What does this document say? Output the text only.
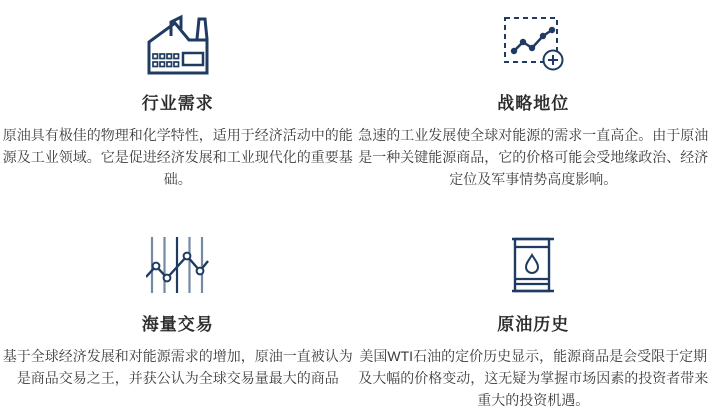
行业需求

原油具有极佳的物理和化学特性，适用于经济活动中的能源及工业领域。它是促进经济发展和工业现代化的重要基础。

战略地位

急速的工业发展使全球对能源的需求一直高企。由于原油是一种关键能源商品，它的价格可能会受地缘政治、经济定位及军事情势高度影响。

海量交易

基于全球经济发展和对能源需求的增加，原油一直被认为是商品交易之王，并获公认为全球交易量最大的商品

原油历史

美国WTI石油的定价历史显示，能源商品是会受限于定期及大幅的价格变动，这无疑为掌握市场因素的投资者带来重大的投资机遇。
